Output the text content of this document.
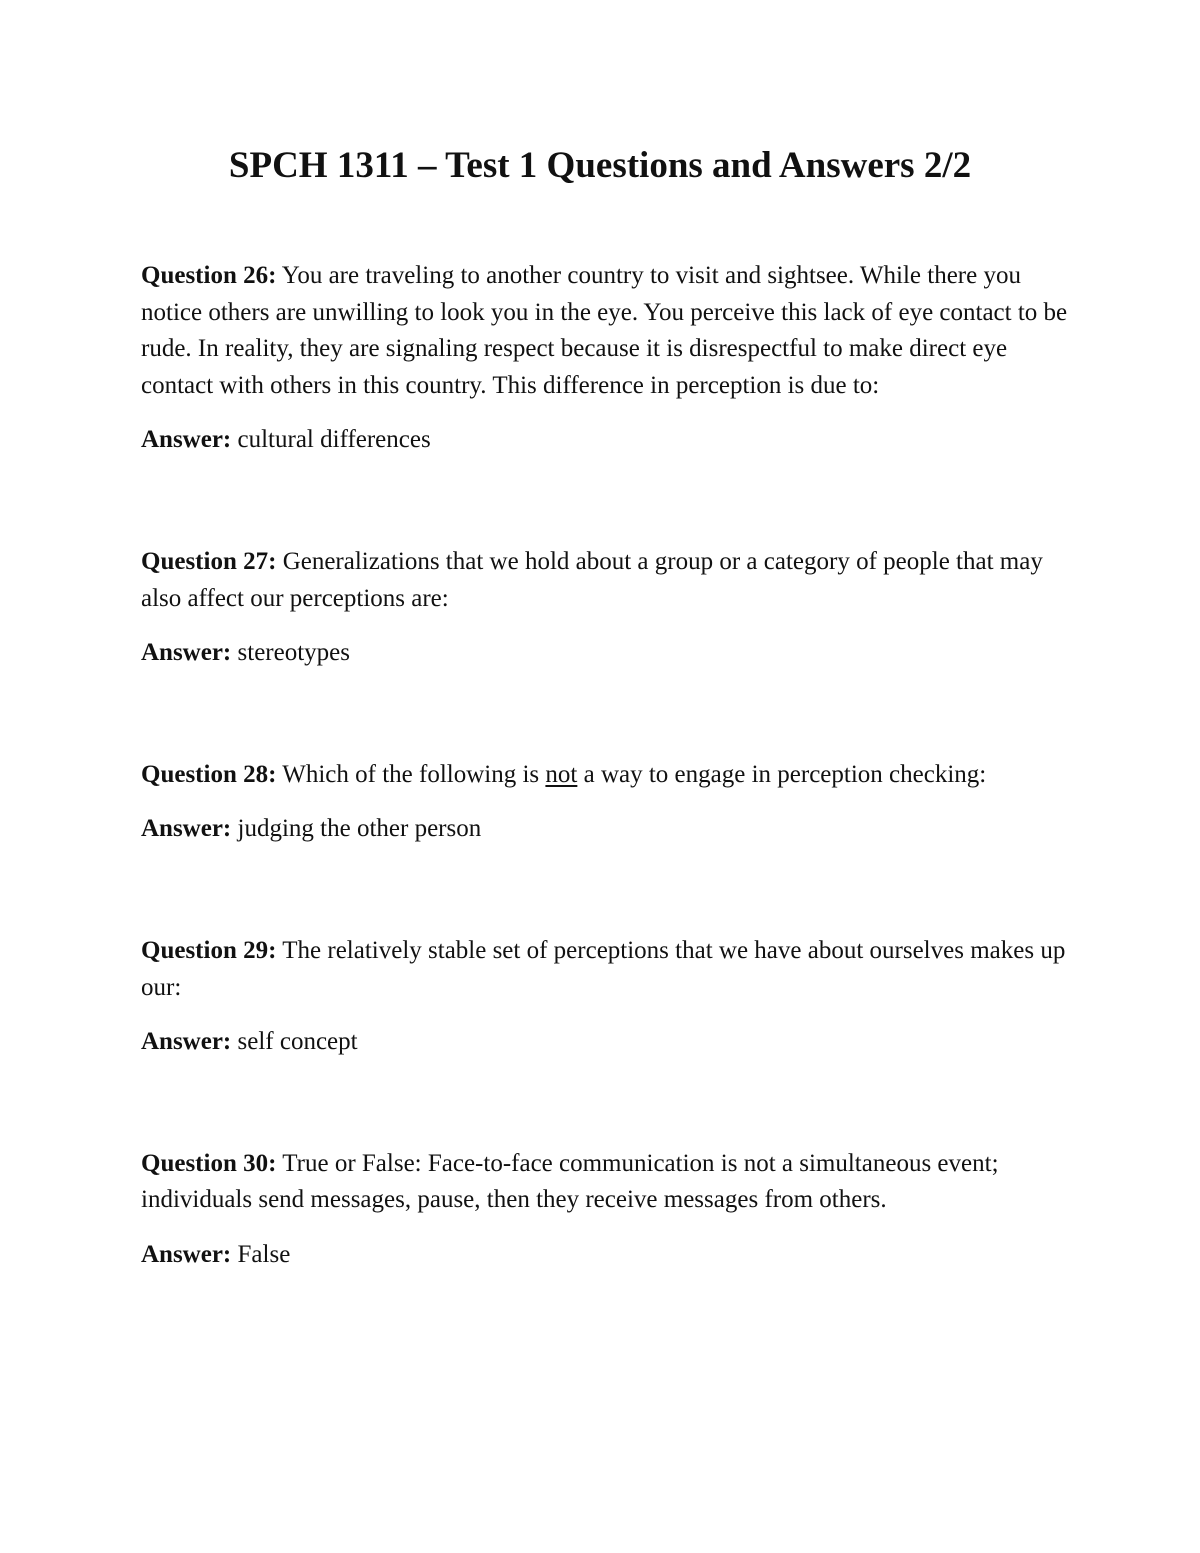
SPCH 1311 – Test 1 Questions and Answers 2/2

Question 26: You are traveling to another country to visit and sightsee. While there you notice others are unwilling to look you in the eye. You perceive this lack of eye contact to be rude. In reality, they are signaling respect because it is disrespectful to make direct eye contact with others in this country. This difference in perception is due to:

Answer: cultural differences

Question 27: Generalizations that we hold about a group or a category of people that may also affect our perceptions are:

Answer: stereotypes

Question 28: Which of the following is not a way to engage in perception checking:

Answer: judging the other person

Question 29: The relatively stable set of perceptions that we have about ourselves makes up our:

Answer: self concept

Question 30: True or False: Face-to-face communication is not a simultaneous event; individuals send messages, pause, then they receive messages from others.

Answer: False
